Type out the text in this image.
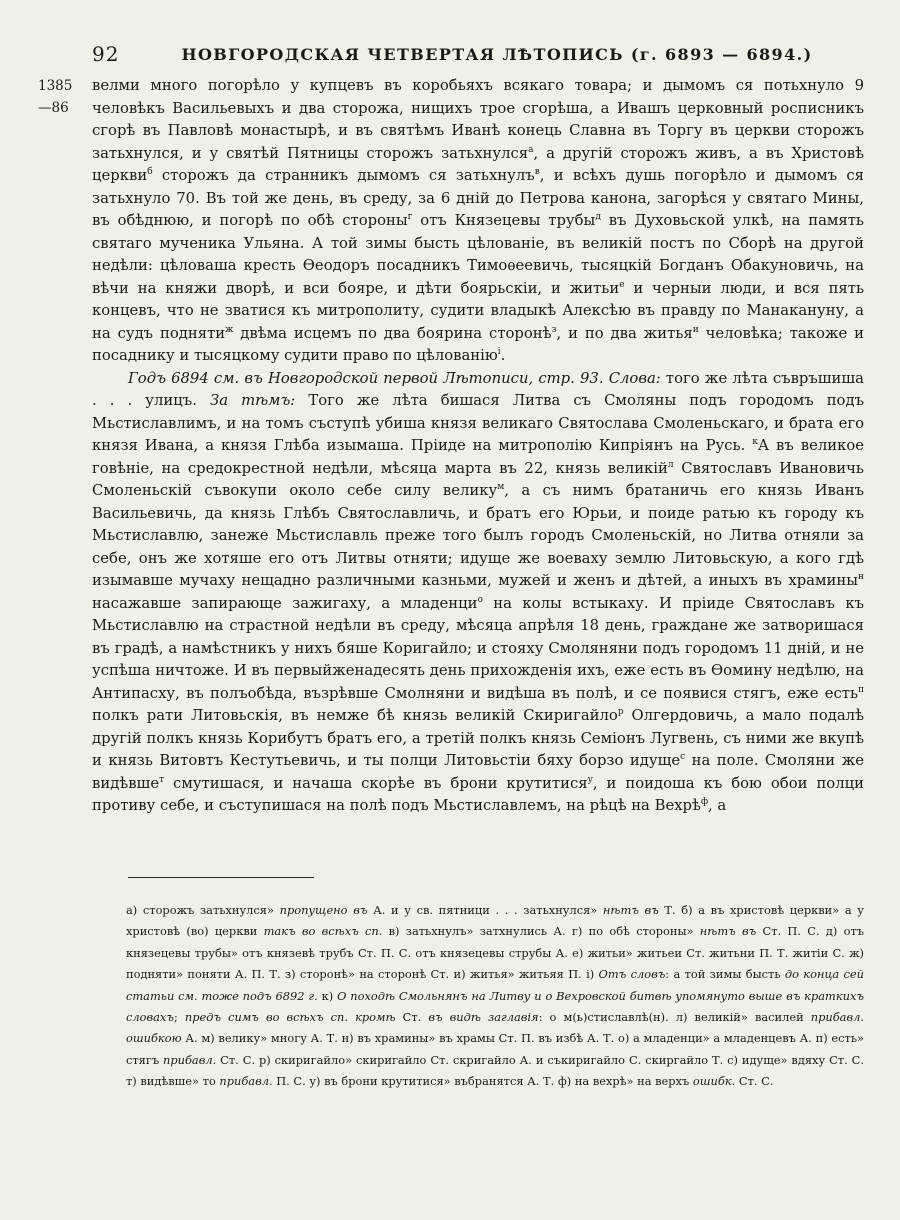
92	НОВГОРОДСКАЯ ЧЕТВЕРТАЯ ЛѢТОПИСЬ (г. 6893 — 6894.)
1385
—86

велми много погорѣло у купцевъ въ коробьяхъ всякаго товара; и дымомъ ся потьхнуло 9 человѣкъ Васильевыхъ и два сторожа, нищихъ трое сгорѣша, а Ивашъ церковный росписникъ сгорѣ въ Павловѣ монастырѣ, и въ святѣмъ Иванѣ конець Славна въ Торгу въ церкви сторожъ затьхнулся, и у святѣй Пятницы сторожъ затьхнулся$^а$, а другій сторожъ живъ, а въ Христовѣ церкви$^б$ сторожъ да странникъ дымомъ ся затьхнулъ$^в$, и всѣхъ душь погорѣло и дымомъ ся затьхнуло 70. Въ той же день, въ среду, за 6 дній до Петрова канона, загорѣся у святаго Мины, въ обѣднюю, и погорѣ по обѣ стороны$^г$ отъ Князецевы трубы$^д$ въ Духовьской улкѣ, на память святаго мученика Ульяна. А той зимы бысть цѣлованіе, въ великій постъ по Сборѣ на другой недѣли: цѣловаша кресть Ѳеодоръ посадникъ Тимоѳеевичь, тысяцкій Богданъ Обакуновичь, на вѣчи на княжи дворѣ, и вси бояре, и дѣти боярьскіи, и житьи$^е$ и черныи люди, и вся пять концевъ, что не зватися къ митрополиту, судити владыкѣ Алексѣю въ правду по Манакануну, а на судъ подняти$^ж$ двѣма исцемъ по два боярина сторонѣ$^з$, и по два житья$^и$ человѣка; такоже и посаднику и тысяцкому судити право по цѣлованію$^і$.

Годъ 6894 см. въ Новгородской первой Лѣтописи, стр. 93. Слова: того же лѣта съвръшиша . . . улицъ. За тѣмъ: Того же лѣта бишася Литва съ Смоляны подъ городомъ подъ Мьстиславлимъ, и на томъ съступѣ убиша князя великаго Святослава Смоленьскаго, и брата его князя Ивана, а князя Глѣба изымаша. Пріиде на митрополію Кипріянъ на Русь. $^к$А въ великое говѣніе, на средокрестной недѣли, мѣсяца марта въ 22, князь великій$^л$ Святославъ Ивановичь Смоленьскій съвокупи около себе силу велику$^м$, а съ нимъ братаничь его князь Иванъ Васильевичь, да князь Глѣбъ Святославличь, и братъ его Юрьи, и поиде ратью къ городу къ Мьстиславлю, занеже Мьстиславль преже того былъ городъ Смоленьскій, но Литва отняли за себе, онъ же хотяше его отъ Литвы отняти; идуще же воеваху землю Литовьскую, а кого гдѣ изымавше мучаху нещадно различными казньми, мужей и женъ и дѣтей, а иныхъ въ храмины$^н$ насажавше запирающе зажигаху, а младенци$^о$ на колы встыкаху. И пріиде Святославъ къ Мьстиславлю на страстной недѣли въ среду, мѣсяца апрѣля 18 день, граждане же затворишася въ градѣ, а намѣстникъ у нихъ бяше Коригайло; и стояху Смоляняни подъ городомъ 11 дній, и не успѣша ничтоже. И въ первыйженадесять день прихожденія ихъ, еже есть въ Ѳомину недѣлю, на Антипасху, въ полъобѣда, възрѣвше Смолняни и видѣша въ полѣ, и се появися стягъ, еже есть$^п$ полкъ рати Литовьскія, въ немже бѣ князь великій Скиригайло$^р$ Олгердовичь, а мало подалѣ другій полкъ князь Корибутъ братъ его, а третій полкъ князь Семіонъ Лугвень, съ ними же вкупѣ и князь Витовтъ Кестутьевичь, и ты полци Литовьстіи бяху борзо идуще$^с$ на поле. Смоляни же видѣвше$^т$ смутишася, и начаша скорѣе въ брони крутитися$^у$, и поидоша къ бою обои полци противу себе, и съступишася на полѣ подъ Мьстиславлемъ, на рѣцѣ на Вехрѣ$^ф$, а

а) сторожъ затьхнулся» пропущено въ А. и у св. пятници . . . затьхнулся» нѣтъ въ Т. б) а въ христовѣ церкви» а у христовѣ (во) церкви такъ во всѣхъ сп. в) затьхнулъ» затхнулись А. г) по обѣ стороны» нѣтъ въ Ст. П. С. д) отъ князецевы трубы» отъ князевѣ трубъ Ст. П. С. отъ князецевы струбы А. е) житьи» житьеи Ст. житьни П. Т. житiи С. ж) подняти» поняти А. П. Т. з) сторонѣ» на сторонѣ Ст. и) житья» житьяя П. і) Отъ словъ: а той зимы бысть до конца сей статьи см. тоже подъ 6892 г. к) О походѣ Смольнянъ на Литву и о Вехровской битвѣ упомянуто выше въ краткихъ словахъ; предъ симъ во всѣхъ сп. кромѣ Ст. въ видѣ заглавія: о м(ь)стиславлѣ(н). л) великій» василей прибавл. ошибкою А. м) велику» многу А. Т. н) въ храмины» въ храмы Ст. П. въ избѣ А. Т. о) а младенци» а младенцевъ А. п) есть» стягъ прибавл. Ст. С. р) скиригайло» скиригайло Ст. скригайло А. и съкиригайло С. скиргайло Т. с) идуще» вдяху Ст. С. т) видѣвше» то прибавл. П. С. у) въ брони крутитися» въбранятся А. Т. ф) на вехрѣ» на верхъ ошибк. Ст. С.
